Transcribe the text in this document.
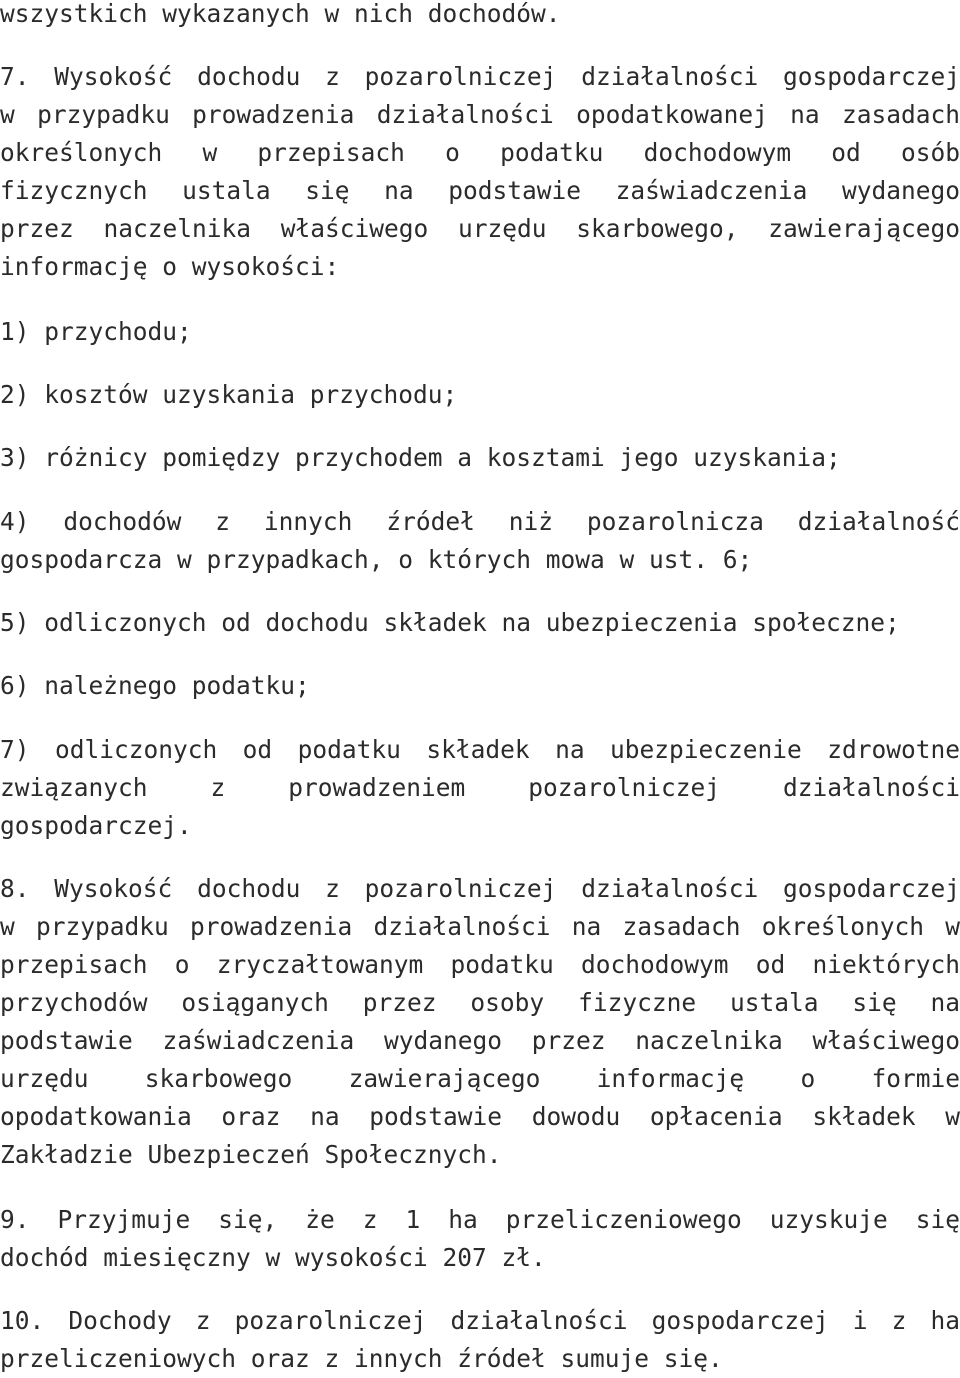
wszystkich wykazanych w nich dochodów.
7. Wysokość dochodu z pozarolniczej działalności gospodarczej
w przypadku prowadzenia działalności opodatkowanej na zasadach
określonych w przepisach o podatku dochodowym od osób
fizycznych ustala się na podstawie zaświadczenia wydanego
przez naczelnika właściwego urzędu skarbowego, zawierającego
informację o wysokości:
1) przychodu;
2) kosztów uzyskania przychodu;
3) różnicy pomiędzy przychodem a kosztami jego uzyskania;
4) dochodów z innych źródeł niż pozarolnicza działalność
gospodarcza w przypadkach, o których mowa w ust. 6;
5) odliczonych od dochodu składek na ubezpieczenia społeczne;
6) należnego podatku;
7) odliczonych od podatku składek na ubezpieczenie zdrowotne
związanych z prowadzeniem pozarolniczej działalności
gospodarczej.
8. Wysokość dochodu z pozarolniczej działalności gospodarczej
w przypadku prowadzenia działalności na zasadach określonych w
przepisach o zryczałtowanym podatku dochodowym od niektórych
przychodów osiąganych przez osoby fizyczne ustala się na
podstawie zaświadczenia wydanego przez naczelnika właściwego
urzędu skarbowego zawierającego informację o formie
opodatkowania oraz na podstawie dowodu opłacenia składek w
Zakładzie Ubezpieczeń Społecznych.
9. Przyjmuje się, że z 1 ha przeliczeniowego uzyskuje się
dochód miesięczny w wysokości 207 zł.
10. Dochody z pozarolniczej działalności gospodarczej i z ha
przeliczeniowych oraz z innych źródeł sumuje się.
